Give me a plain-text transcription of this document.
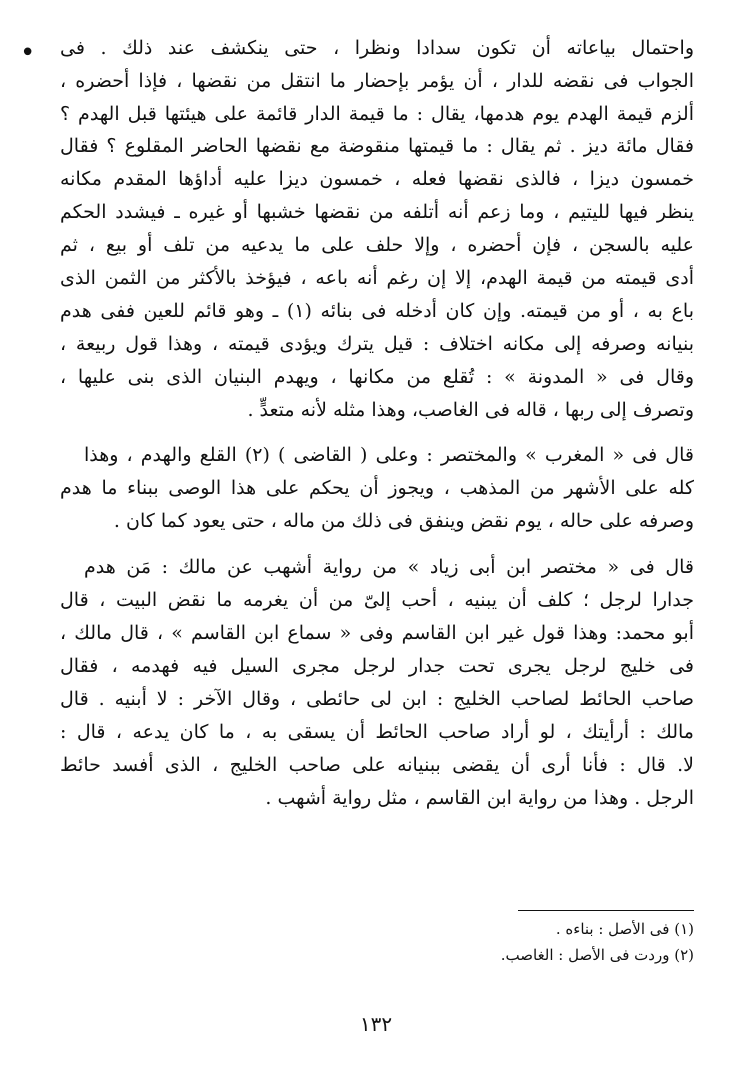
• واحتمال بياعاته أن تكون سدادا ونظرا ، حتى ينكشف عند ذلك . فى
الجواب فى نقضه للدار ، أن يؤمر بإحضار ما انتقل من نقضها ، فإذا أحضره ،
ألزم قيمة الهدم يوم هدمها، يقال : ما قيمة الدار قائمة على هيئتها قبل الهدم ؟
فقال مائة ديز . ثم يقال : ما قيمتها منقوضة مع نقضها الحاضر المقلوع ؟ فقال
خمسون ديزا ، فالذى نقضها فعله ، خمسون ديزا عليه أداؤها المقدم مكانه
ينظر فيها لليتيم ، وما زعم أنه أتلفه من نقضها خشبها أو غيره ـ فيشدد الحكم
عليه بالسجن ، فإن أحضره ، وإلا حلف على ما يدعيه من تلف أو بيع ، ثم
أدى قيمته من قيمة الهدم، إلا إن رغم أنه باعه ، فيؤخذ بالأكثر من الثمن الذى
باع به ، أو من قيمته. وإن كان أدخله فى بنائه (١) ـ وهو قائم للعين ففى هدم
بنيانه وصرفه إلى مكانه اختلاف : قيل يترك ويؤدى قيمته ، وهذا قول ربيعة ،
وقال فى « المدونة » : تُقلع من مكانها ، ويهدم البنيان الذى بنى عليها ،
وتصرف إلى ربها ، قاله فى الغاصب، وهذا مثله لأنه متعدٍّ .
قال فى « المغرب » والمختصر : وعلى ( القاضى ) (٢) القلع والهدم ، وهذا
كله على الأشهر من المذهب ، ويجوز أن يحكم على هذا الوصى ببناء ما هدم
وصرفه على حاله ، يوم نقض وينفق فى ذلك من ماله ، حتى يعود كما كان .
قال فى « مختصر ابن أبى زياد » من رواية أشهب عن مالك : مَن هدم
جدارا لرجل ؛ كلف أن يبنيه ، أحب إلىّ من أن يغرمه ما نقض البيت ، قال
أبو محمد: وهذا قول غير ابن القاسم وفى « سماع ابن القاسم » ، قال مالك ،
فى خليج لرجل يجرى تحت جدار لرجل مجرى السيل فيه فهدمه ، فقال
صاحب الحائط لصاحب الخليج : ابن لى حائطى ، وقال الآخر : لا أبنيه . قال
مالك : أرأيتك ، لو أراد صاحب الحائط أن يسقى به ، ما كان يدعه ، قال :
لا. قال : فأنا أرى أن يقضى ببنيانه على صاحب الخليج ، الذى أفسد حائط
الرجل . وهذا من رواية ابن القاسم ، مثل رواية أشهب .
(١) فى الأصل : بناءه .
(٢) وردت فى الأصل : الغاصب.
١٣٢
